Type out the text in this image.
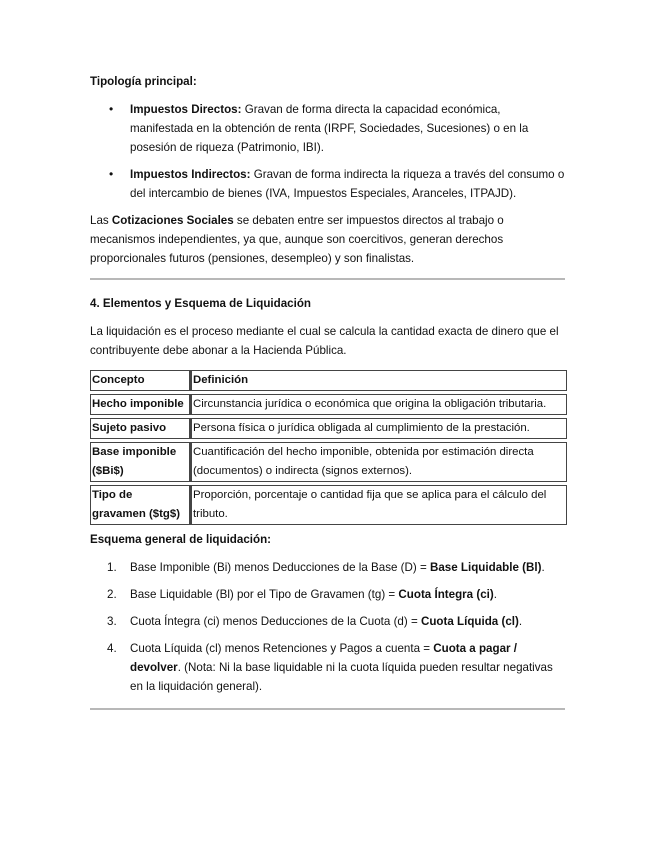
Tipología principal:
• Impuestos Directos: Gravan de forma directa la capacidad económica, manifestada en la obtención de renta (IRPF, Sociedades, Sucesiones) o en la posesión de riqueza (Patrimonio, IBI).
• Impuestos Indirectos: Gravan de forma indirecta la riqueza a través del consumo o del intercambio de bienes (IVA, Impuestos Especiales, Aranceles, ITPAJD).

Las Cotizaciones Sociales se debaten entre ser impuestos directos al trabajo o mecanismos independientes, ya que, aunque son coercitivos, generan derechos proporcionales futuros (pensiones, desempleo) y son finalistas.

4. Elementos y Esquema de Liquidación

La liquidación es el proceso mediante el cual se calcula la cantidad exacta de dinero que el contribuyente debe abonar a la Hacienda Pública.

Concepto	Definición
Hecho imponible	Circunstancia jurídica o económica que origina la obligación tributaria.
Sujeto pasivo	Persona física o jurídica obligada al cumplimiento de la prestación.
Base imponible ($Bi$)	Cuantificación del hecho imponible, obtenida por estimación directa (documentos) o indirecta (signos externos).
Tipo de gravamen ($tg$)	Proporción, porcentaje o cantidad fija que se aplica para el cálculo del tributo.
Esquema general de liquidación:
1. Base Imponible (Bi) menos Deducciones de la Base (D) = Base Liquidable (Bl).
2. Base Liquidable (Bl) por el Tipo de Gravamen (tg) = Cuota Íntegra (ci).
3. Cuota Íntegra (ci) menos Deducciones de la Cuota (d) = Cuota Líquida (cl).
4. Cuota Líquida (cl) menos Retenciones y Pagos a cuenta = Cuota a pagar / devolver. (Nota: Ni la base liquidable ni la cuota líquida pueden resultar negativas en la liquidación general).
